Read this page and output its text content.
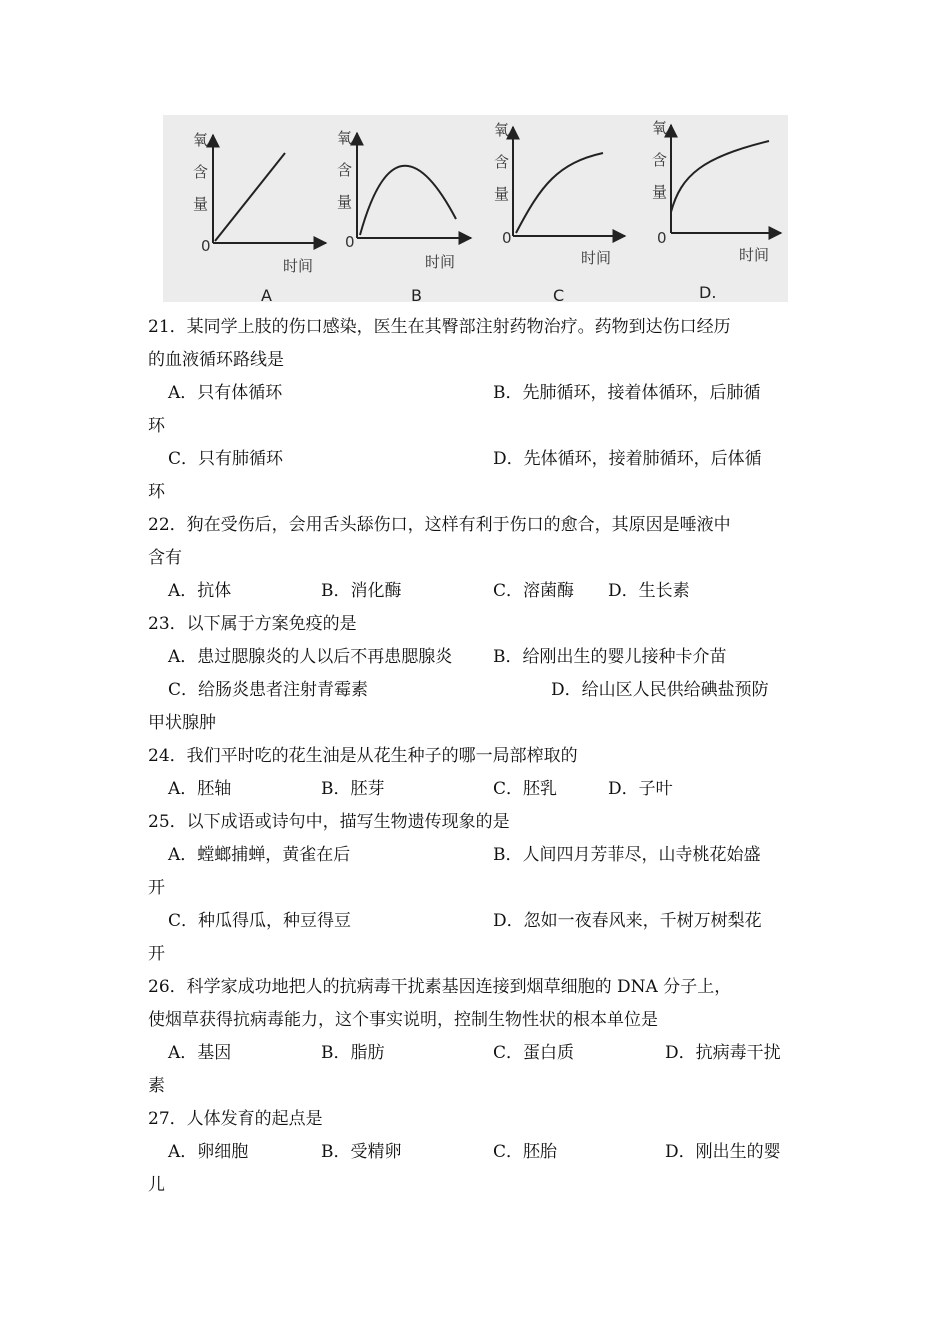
氧
含
量
0
时间
A
氧
含
量
0
时间
B
氧
含
量
0
时间
C
氧
含
量
0
时间
D.
21．某同学上肢的伤口感染，医生在其臀部注射药物治疗。药物到达伤口经历
的血液循环路线是
A．只有体循环	B．先肺循环，接着体循环，后肺循
环
C．只有肺循环	D．先体循环，接着肺循环，后体循
环
22．狗在受伤后，会用舌头舔伤口，这样有利于伤口的愈合，其原因是唾液中
含有
A．抗体	B．消化酶	C．溶菌酶 D．生长素
23．以下属于方案免疫的是
A．患过腮腺炎的人以后不再患腮腺炎 B．给刚出生的婴儿接种卡介苗
C．给肠炎患者注射青霉素	D．给山区人民供给碘盐预防
甲状腺肿
24．我们平时吃的花生油是从花生种子的哪一局部榨取的
A．胚轴	B．胚芽	C．胚乳	D．子叶
25．以下成语或诗句中，描写生物遗传现象的是
A．螳螂捕蝉，黄雀在后	B．人间四月芳菲尽，山寺桃花始盛
开
C．种瓜得瓜，种豆得豆	D．忽如一夜春风来，千树万树梨花
开
26．科学家成功地把人的抗病毒干扰素基因连接到烟草细胞的 DNA 分子上，
使烟草获得抗病毒能力，这个事实说明，控制生物性状的根本单位是
A．基因	B．脂肪	C．蛋白质	D．抗病毒干扰
素
27．人体发育的起点是
A．卵细胞	B．受精卵	C．胚胎	D．刚出生的婴
儿
